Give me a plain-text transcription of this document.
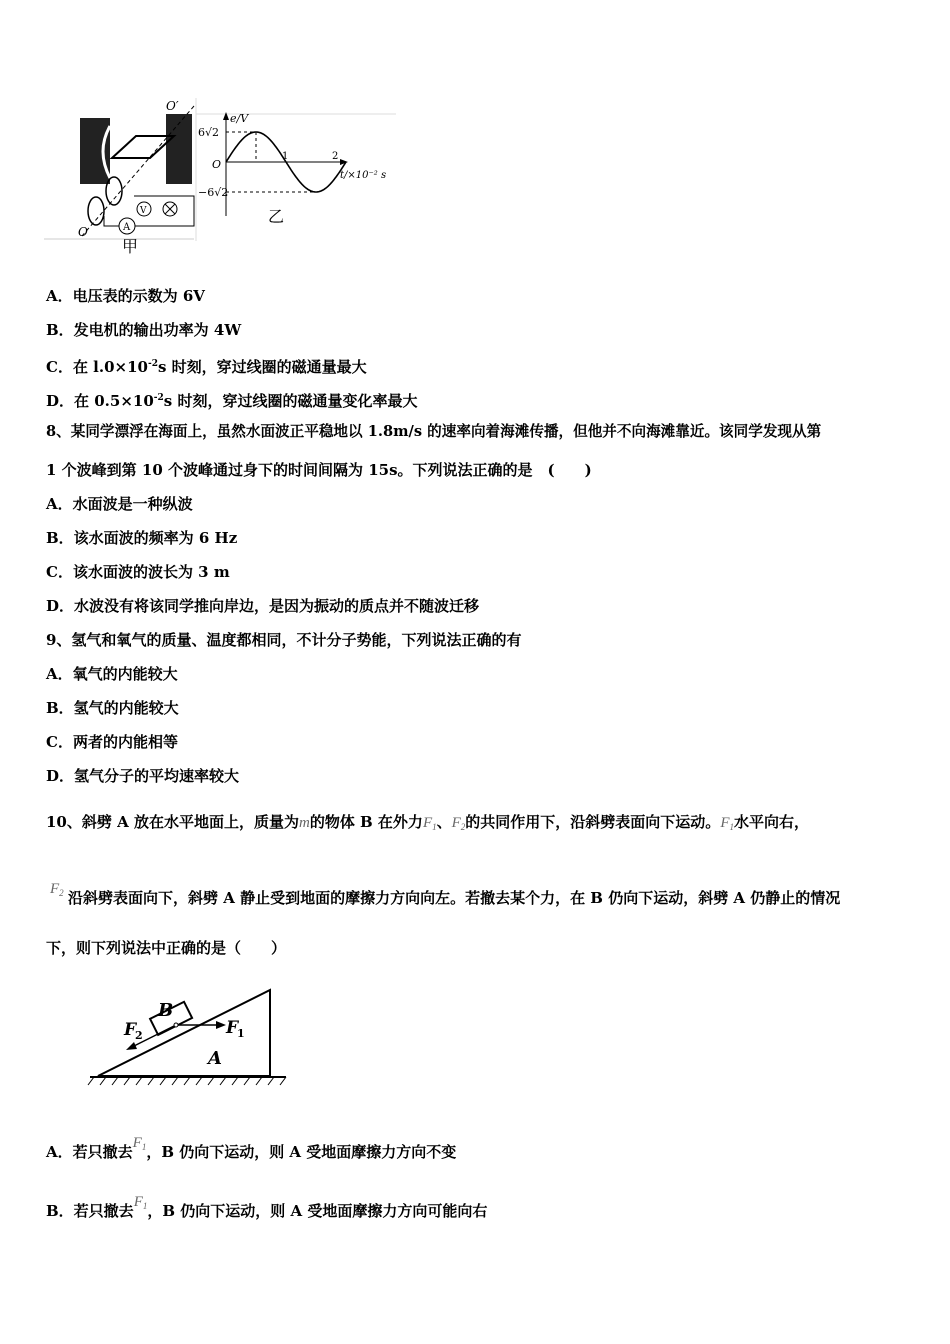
O′
O	A
V
甲
e/V
6√2
−6√2
O
1	2
t/×10⁻² s
乙
A．电压表的示数为 6V
B．发电机的输出功率为 4W
C．在 $l.0\times 10^{-2}s$ 时刻，穿过线圈的磁通量最大
D．在 $0.5\times 10^{-2}s$ 时刻，穿过线圈的磁通量变化率最大
8、某同学漂浮在海面上，虽然水面波正平稳地以 1.8m/s 的速率向着海滩传播，但他并不向海滩靠近。该同学发现从第
1 个波峰到第 10 个波峰通过身下的时间间隔为 15s。下列说法正确的是　(　　)
A．水面波是一种纵波
B．该水面波的频率为 6 Hz
C．该水面波的波长为 3 m
D．水波没有将该同学推向岸边，是因为振动的质点并不随波迁移
9、氢气和氧气的质量、温度都相同，不计分子势能，下列说法正确的有
A．氧气的内能较大
B．氢气的内能较大
C．两者的内能相等
D．氢气分子的平均速率较大
10、斜劈 A 放在水平地面上，质量为m的物体 B 在外力$F_1$、$F_2$的共同作用下，沿斜劈表面向下运动。$F_1$水平向右，
$F_2$ 沿斜劈表面向下，斜劈 A 静止受到地面的摩擦力方向向左。若撤去某个力，在 B 仍向下运动，斜劈 A 仍静止的情况
下，则下列说法中正确的是（　　）
B
A
F
1
F
2
A．若只撤去$F^1$，B 仍向下运动，则 A 受地面摩擦力方向不变
B．若只撤去$F^1$，B 仍向下运动，则 A 受地面摩擦力方向可能向右
